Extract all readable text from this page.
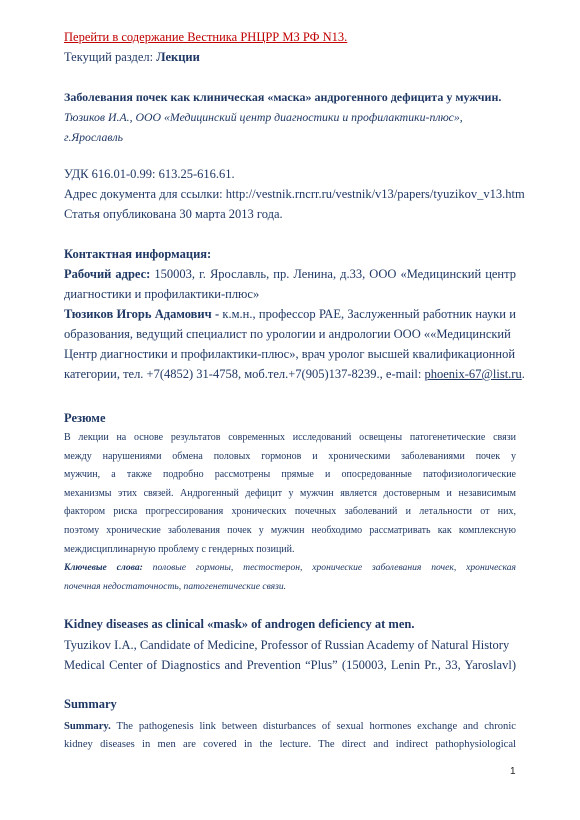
Перейти в содержание Вестника РНЦРР МЗ РФ N13.
Текущий раздел: Лекции
Заболевания почек как клиническая «маска» андрогенного дефицита у мужчин.
Тюзиков И.А., ООО «Медицинский центр диагностики и профилактики-плюс»,
г.Ярославль
УДК 616.01-0.99: 613.25-616.61.
Адрес документа для ссылки: http://vestnik.rncrr.ru/vestnik/v13/papers/tyuzikov_v13.htm
Статья опубликована 30 марта 2013 года.
Контактная информация:
Рабочий адрес: 150003, г. Ярославль, пр. Ленина, д.33, ООО «Медицинский центр
диагностики и профилактики-плюс»
Тюзиков Игорь Адамович - к.м.н., профессор РАЕ, Заслуженный работник науки и
образования, ведущий специалист по урологии и андрологии ООО ««Медицинский
Центр диагностики и профилактики-плюс», врач уролог высшей квалификационной
категории, тел. +7(4852) 31-4758, моб.тел.+7(905)137-8239., e-mail: phoenix-67@list.ru.
Резюме
В лекции на основе результатов современных исследований освещены патогенетические связи
между нарушениями обмена половых гормонов и хроническими заболеваниями почек у
мужчин, а также подробно рассмотрены прямые и опосредованные патофизиологические
механизмы этих связей. Андрогенный дефицит у мужчин является достоверным и независимым
фактором риска прогрессирования хронических почечных заболеваний и летальности от них,
поэтому хронические заболевания почек у мужчин необходимо рассматривать как комплексную
междисциплинарную проблему с гендерных позиций.
Ключевые слова: половые гормоны, тестостерон, хронические заболевания почек, хроническая
почечная недостаточность, патогенетические связи.
Kidney diseases as clinical «mask» of androgen deficiency at men.
Tyuzikov I.A., Candidate of Medicine, Professor of Russian Academy of Natural History
Medical Center of Diagnostics and Prevention “Plus” (150003, Lenin Pr., 33, Yaroslavl)
Summary
Summary. The pathogenesis link between disturbances of sexual hormones exchange and chronic
kidney diseases in men are covered in the lecture. The direct and indirect pathophysiological
1
